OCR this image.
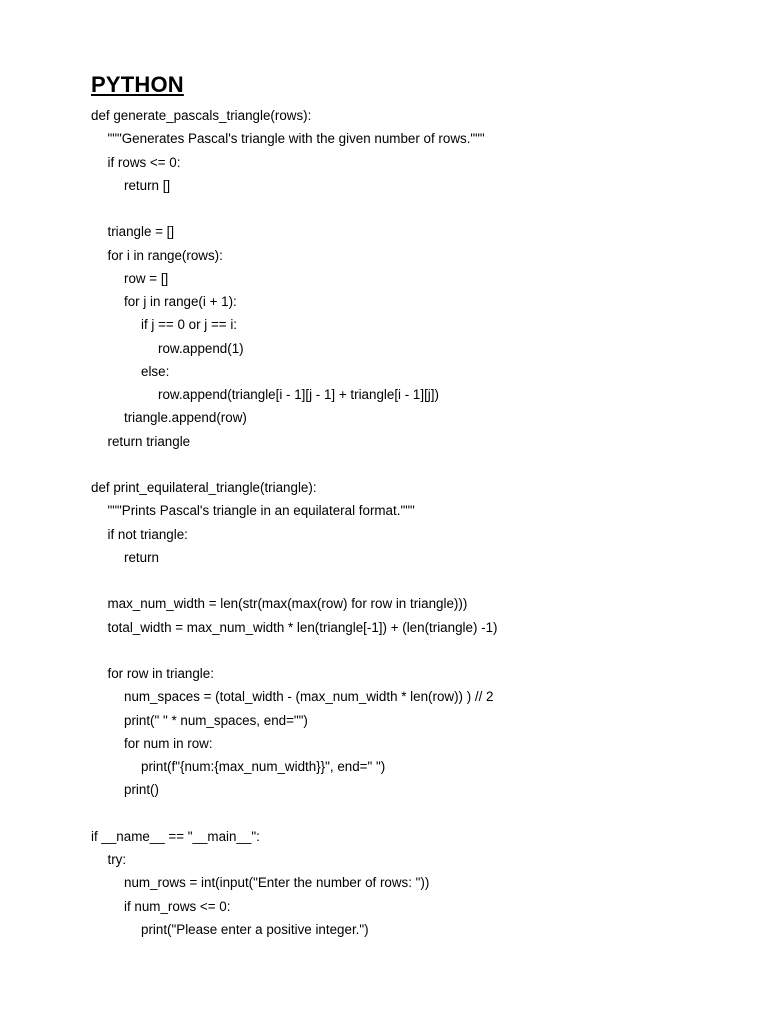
PYTHON
def generate_pascals_triangle(rows):
"""Generates Pascal's triangle with the given number of rows."""
if rows <= 0:
return []
triangle = []
for i in range(rows):
row = []
for j in range(i + 1):
if j == 0 or j == i:
row.append(1)
else:
row.append(triangle[i - 1][j - 1] + triangle[i - 1][j])
triangle.append(row)
return triangle
def print_equilateral_triangle(triangle):
"""Prints Pascal's triangle in an equilateral format."""
if not triangle:
return
max_num_width = len(str(max(max(row) for row in triangle)))
total_width = max_num_width * len(triangle[-1]) + (len(triangle) -1)
for row in triangle:
num_spaces = (total_width - (max_num_width * len(row)) ) // 2
print(" " * num_spaces, end="")
for num in row:
print(f"{num:{max_num_width}}", end=" ")
print()
if __name__ == "__main__":
try:
num_rows = int(input("Enter the number of rows: "))
if num_rows <= 0:
print("Please enter a positive integer.")
